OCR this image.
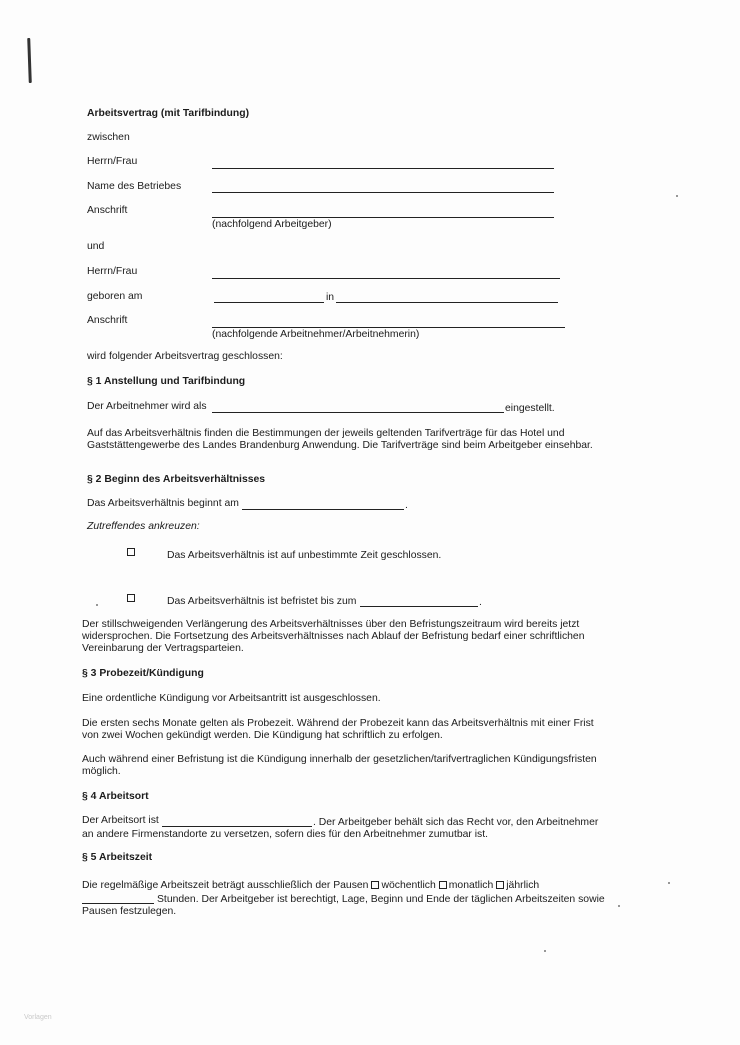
Arbeitsvertrag (mit Tarifbindung)
zwischen
Herrn/Frau
Name des Betriebes
Anschrift
(nachfolgend Arbeitgeber)
und
Herrn/Frau
geboren am	in
Anschrift
(nachfolgende Arbeitnehmer/Arbeitnehmerin)
wird folgender Arbeitsvertrag geschlossen:
§ 1 Anstellung und Tarifbindung
Der Arbeitnehmer wird als	eingestellt.
Auf das Arbeitsverhältnis finden die Bestimmungen der jeweils geltenden Tarifverträge für das Hotel und
Gaststättengewerbe des Landes Brandenburg Anwendung. Die Tarifverträge sind beim Arbeitgeber einsehbar.
§ 2 Beginn des Arbeitsverhältnisses
Das Arbeitsverhältnis beginnt am	.
Zutreffendes ankreuzen:
Das Arbeitsverhältnis ist auf unbestimmte Zeit geschlossen.
Das Arbeitsverhältnis ist befristet bis zum	.
Der stillschweigenden Verlängerung des Arbeitsverhältnisses über den Befristungszeitraum wird bereits jetzt
widersprochen. Die Fortsetzung des Arbeitsverhältnisses nach Ablauf der Befristung bedarf einer schriftlichen
Vereinbarung der Vertragsparteien.
§ 3 Probezeit/Kündigung
Eine ordentliche Kündigung vor Arbeitsantritt ist ausgeschlossen.
Die ersten sechs Monate gelten als Probezeit. Während der Probezeit kann das Arbeitsverhältnis mit einer Frist
von zwei Wochen gekündigt werden. Die Kündigung hat schriftlich zu erfolgen.
Auch während einer Befristung ist die Kündigung innerhalb der gesetzlichen/tarifvertraglichen Kündigungsfristen
möglich.
§ 4 Arbeitsort
Der Arbeitsort ist	. Der Arbeitgeber behält sich das Recht vor, den Arbeitnehmer
an andere Firmenstandorte zu versetzen, sofern dies für den Arbeitnehmer zumutbar ist.
§ 5 Arbeitszeit
Die regelmäßige Arbeitszeit beträgt ausschließlich der Pausen wöchentlich monatlich jährlich
Stunden. Der Arbeitgeber ist berechtigt, Lage, Beginn und Ende der täglichen Arbeitszeiten sowie
Pausen festzulegen.
Vorlagen
